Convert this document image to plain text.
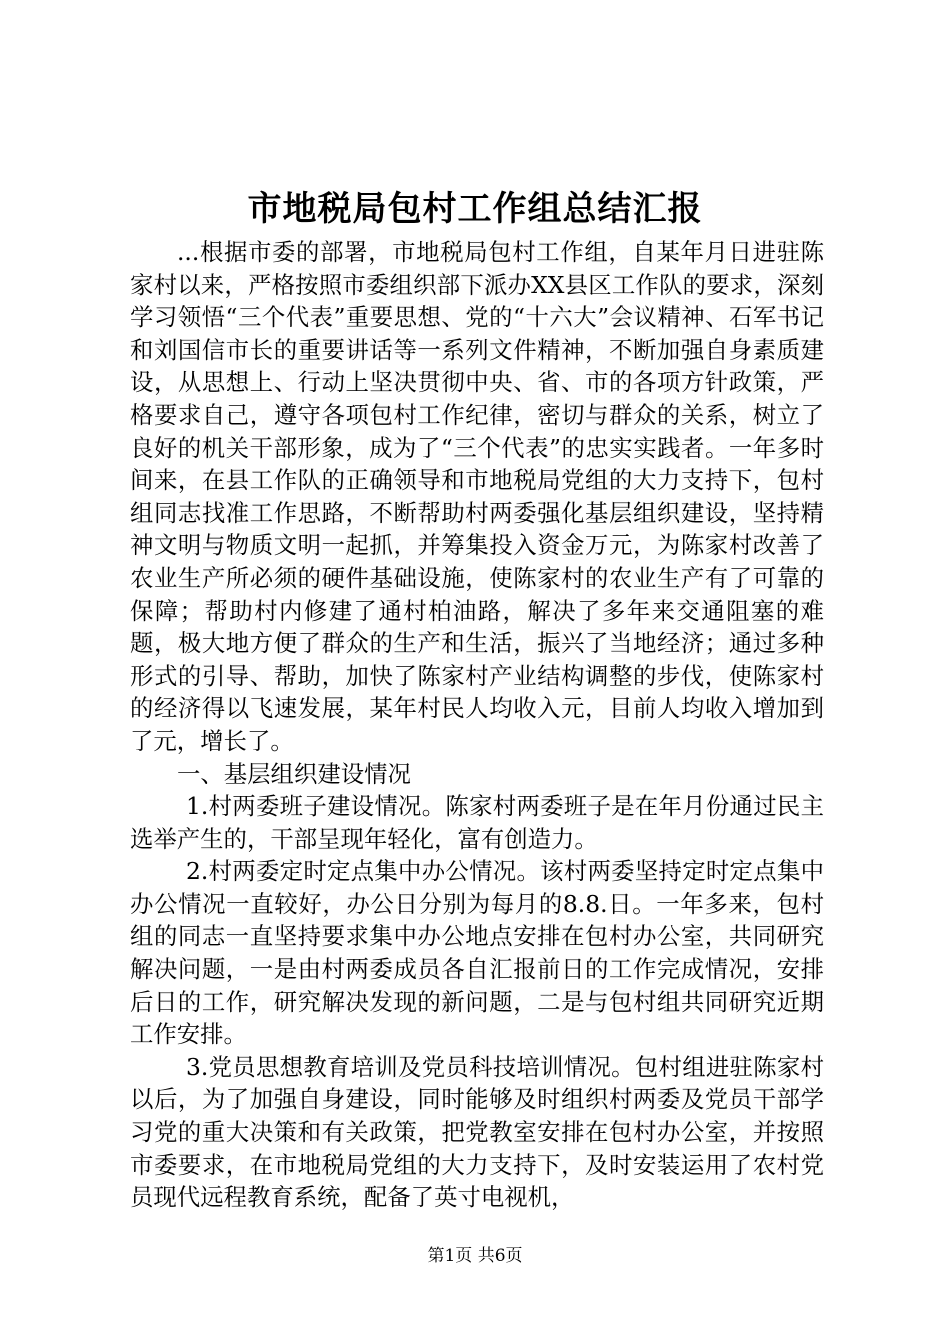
市地税局包村工作组总结汇报

...根据市委的部署，市地税局包村工作组，自某年月日进驻陈家村以来，严格按照市委组织部下派办XX县区工作队的要求，深刻学习领悟“三个代表”重要思想、党的“十六大”会议精神、石军书记和刘国信市长的重要讲话等一系列文件精神，不断加强自身素质建设，从思想上、行动上坚决贯彻中央、省、市的各项方针政策，严格要求自己，遵守各项包村工作纪律，密切与群众的关系，树立了良好的机关干部形象，成为了“三个代表”的忠实实践者。一年多时间来，在县工作队的正确领导和市地税局党组的大力支持下，包村组同志找准工作思路，不断帮助村两委强化基层组织建设，坚持精神文明与物质文明一起抓，并筹集投入资金万元，为陈家村改善了农业生产所必须的硬件基础设施，使陈家村的农业生产有了可靠的保障；帮助村内修建了通村柏油路，解决了多年来交通阻塞的难题，极大地方便了群众的生产和生活，振兴了当地经济；通过多种形式的引导、帮助，加快了陈家村产业结构调整的步伐，使陈家村的经济得以飞速发展，某年村民人均收入元，目前人均收入增加到了元，增长了。

一、基层组织建设情况

1.村两委班子建设情况。陈家村两委班子是在年月份通过民主选举产生的，干部呈现年轻化，富有创造力。

2.村两委定时定点集中办公情况。该村两委坚持定时定点集中办公情况一直较好，办公日分别为每月的8.8.日。一年多来，包村组的同志一直坚持要求集中办公地点安排在包村办公室，共同研究解决问题，一是由村两委成员各自汇报前日的工作完成情况，安排后日的工作，研究解决发现的新问题，二是与包村组共同研究近期工作安排。

3.党员思想教育培训及党员科技培训情况。包村组进驻陈家村以后，为了加强自身建设，同时能够及时组织村两委及党员干部学习党的重大决策和有关政策，把党教室安排在包村办公室，并按照市委要求，在市地税局党组的大力支持下，及时安装运用了农村党员现代远程教育系统，配备了英寸电视机，

第1页 共6页
